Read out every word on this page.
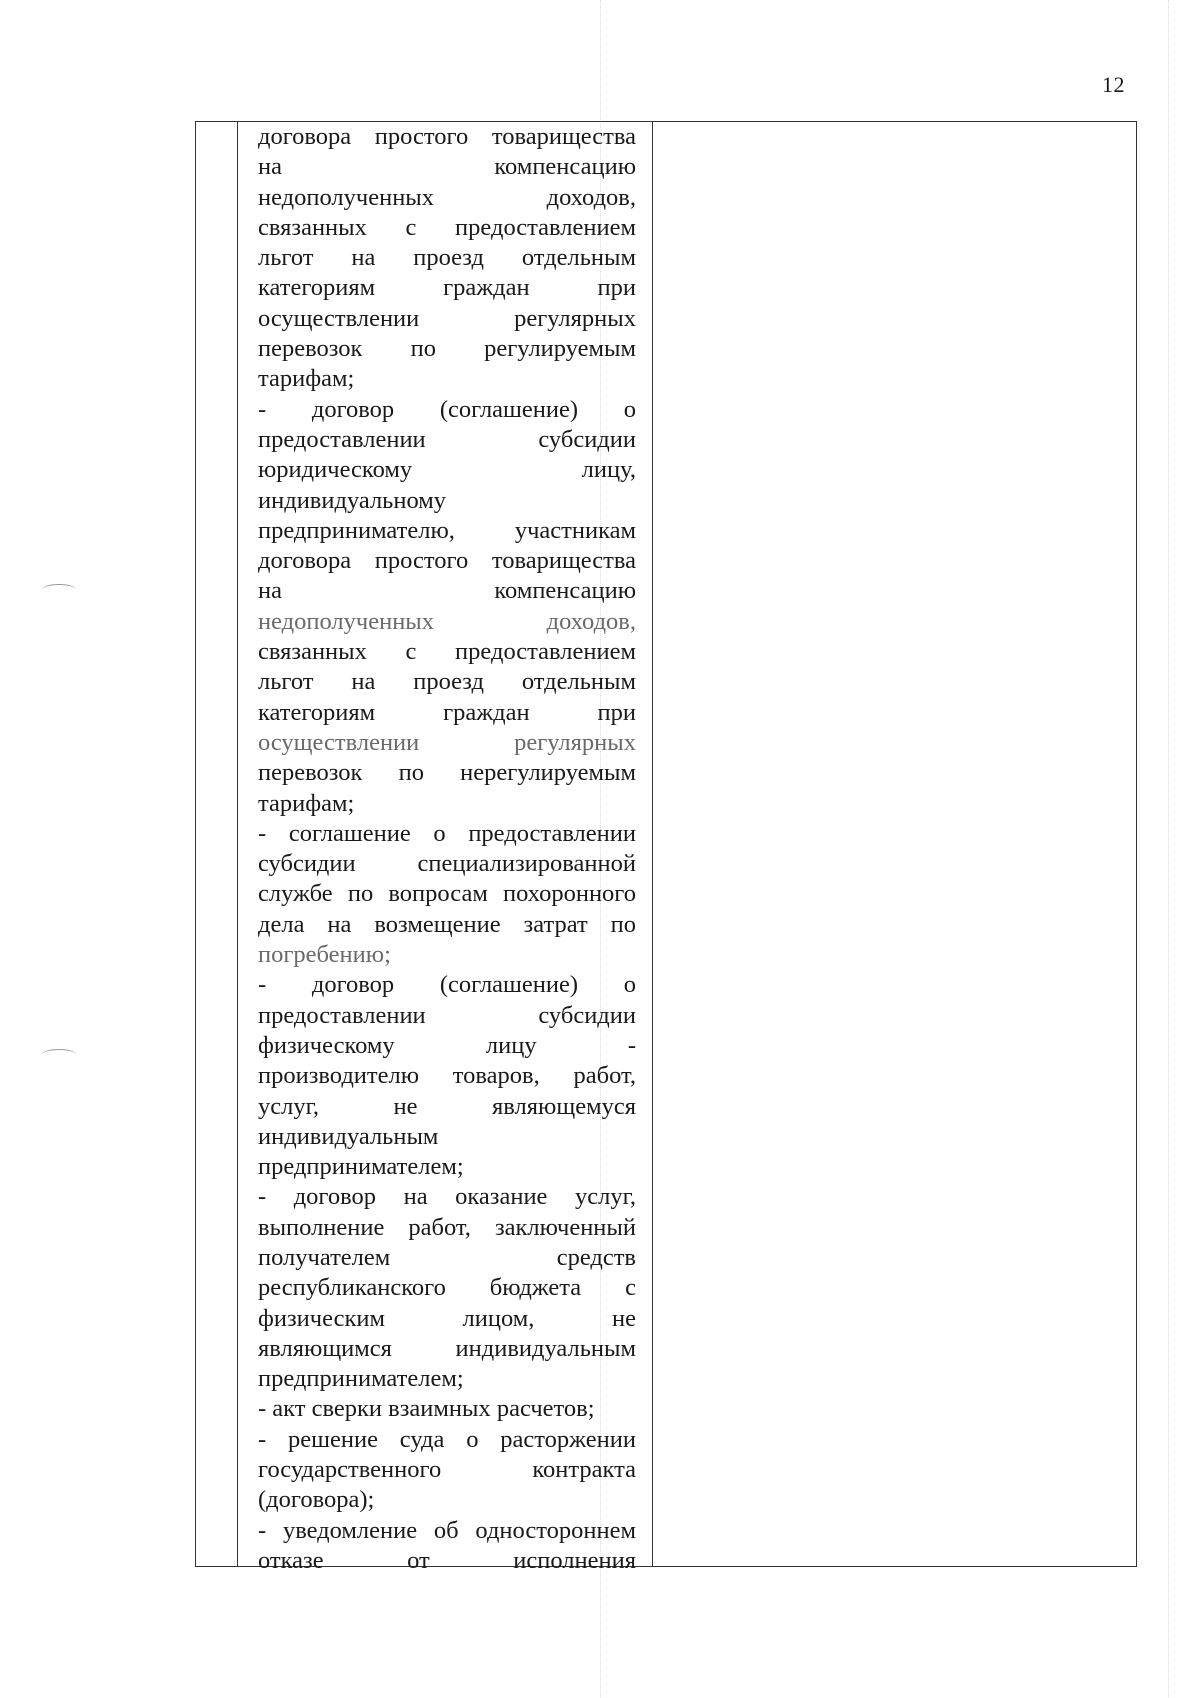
12
договора простого товарищества
на компенсацию
недополученных доходов,
связанных с предоставлением
льгот на проезд отдельным
категориям граждан при
осуществлении регулярных
перевозок по регулируемым
тарифам;
- договор (соглашение) о
предоставлении субсидии
юридическому лицу,
индивидуальному
предпринимателю, участникам
договора простого товарищества
на компенсацию
недополученных доходов,
связанных с предоставлением
льгот на проезд отдельным
категориям граждан при
осуществлении регулярных
перевозок по нерегулируемым
тарифам;
- соглашение о предоставлении
субсидии специализированной
службе по вопросам похоронного
дела на возмещение затрат по
погребению;
- договор (соглашение) о
предоставлении субсидии
физическому лицу -
производителю товаров, работ,
услуг, не являющемуся
индивидуальным
предпринимателем;
- договор на оказание услуг,
выполнение работ, заключенный
получателем средств
республиканского бюджета с
физическим лицом, не
являющимся индивидуальным
предпринимателем;
- акт сверки взаимных расчетов;
- решение суда о расторжении
государственного контракта
(договора);
- уведомление об одностороннем
отказе от исполнения
